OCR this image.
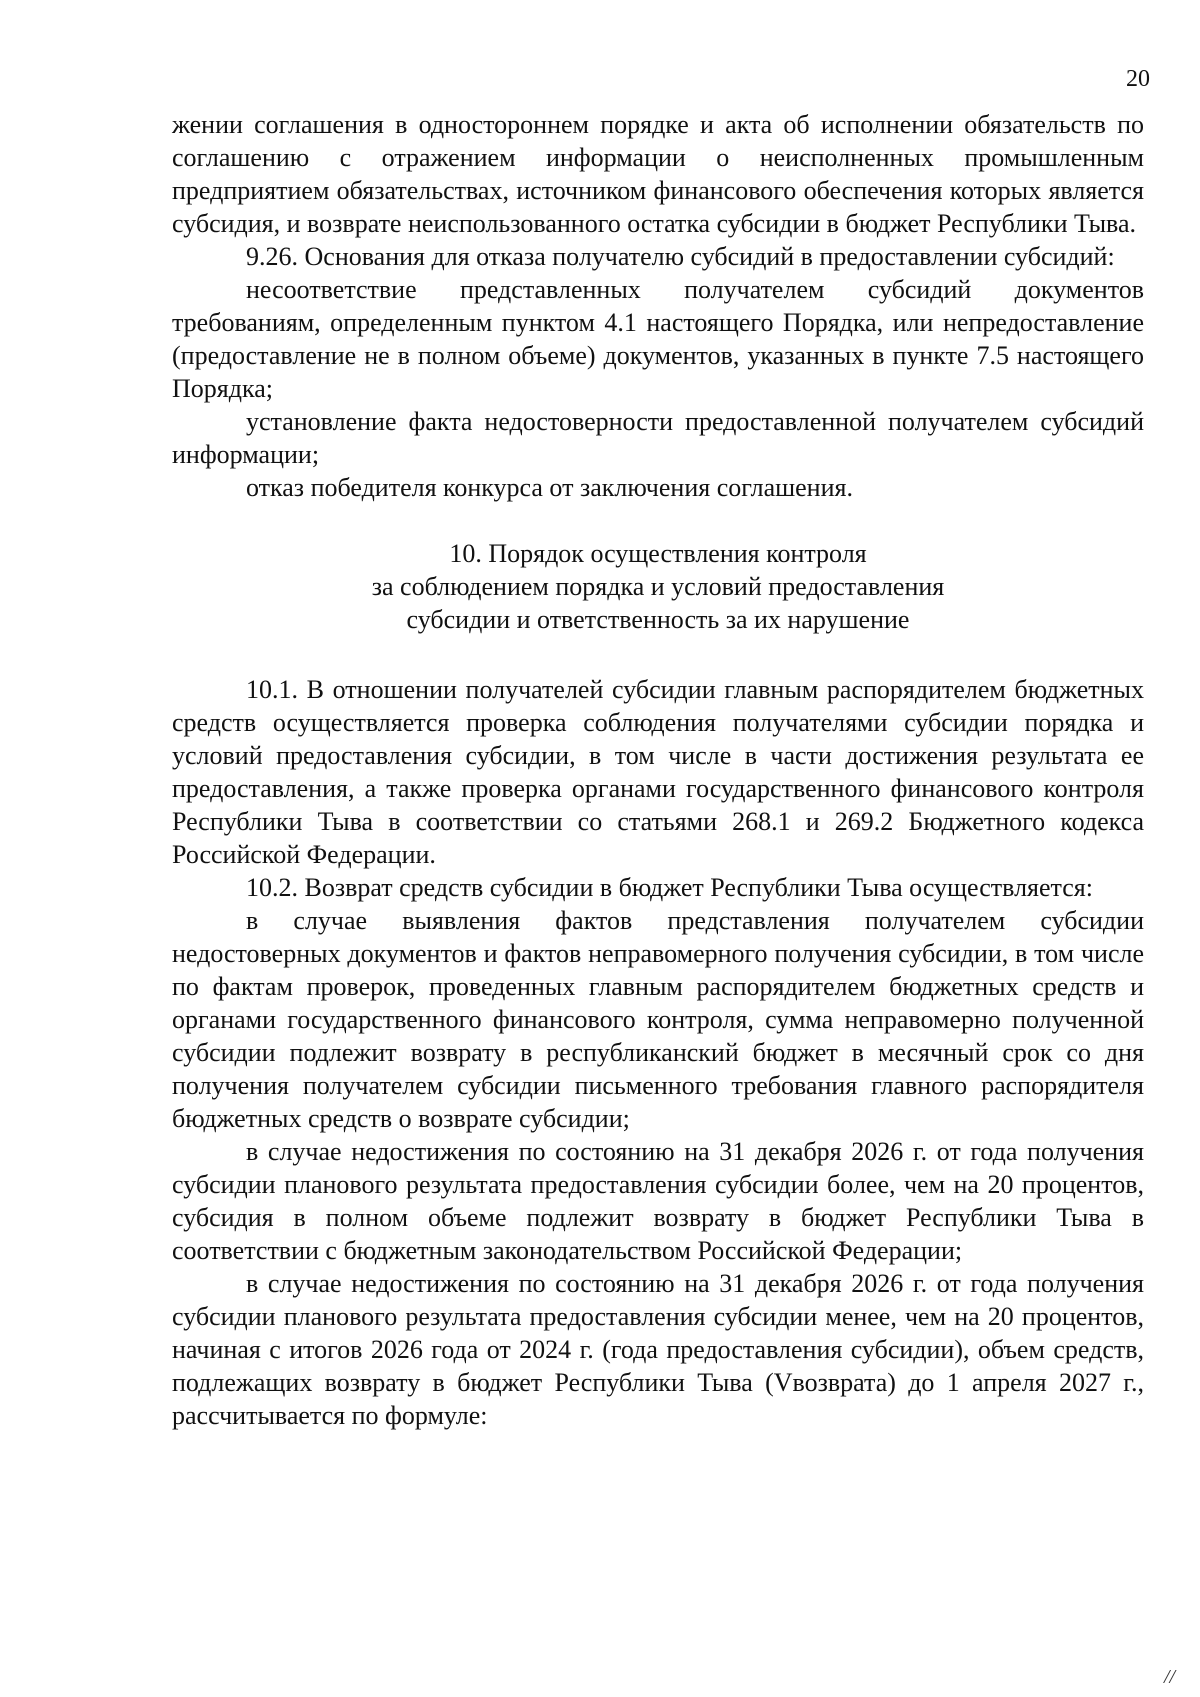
20

жении соглашения в одностороннем порядке и акта об исполнении обязательств по соглашению с отражением информации о неисполненных промышленным предприятием обязательствах, источником финансового обеспечения которых является субсидия, и возврате неиспользованного остатка субсидии в бюджет Республики Тыва.

9.26. Основания для отказа получателю субсидий в предоставлении субсидий:

несоответствие представленных получателем субсидий документов требованиям, определенным пунктом 4.1 настоящего Порядка, или непредоставление (предоставление не в полном объеме) документов, указанных в пункте 7.5 настоящего Порядка;

установление факта недостоверности предоставленной получателем субсидий информации;

отказ победителя конкурса от заключения соглашения.

10. Порядок осуществления контроля
за соблюдением порядка и условий предоставления
субсидии и ответственность за их нарушение

10.1. В отношении получателей субсидии главным распорядителем бюджетных средств осуществляется проверка соблюдения получателями субсидии порядка и условий предоставления субсидии, в том числе в части достижения результата ее предоставления, а также проверка органами государственного финансового контроля Республики Тыва в соответствии со статьями 268.1 и 269.2 Бюджетного кодекса Российской Федерации.

10.2. Возврат средств субсидии в бюджет Республики Тыва осуществляется:

в случае выявления фактов представления получателем субсидии недостоверных документов и фактов неправомерного получения субсидии, в том числе по фактам проверок, проведенных главным распорядителем бюджетных средств и органами государственного финансового контроля, сумма неправомерно полученной субсидии подлежит возврату в республиканский бюджет в месячный срок со дня получения получателем субсидии письменного требования главного распорядителя бюджетных средств о возврате субсидии;

в случае недостижения по состоянию на 31 декабря 2026 г. от года получения субсидии планового результата предоставления субсидии более, чем на 20 процентов, субсидия в полном объеме подлежит возврату в бюджет Республики Тыва в соответствии с бюджетным законодательством Российской Федерации;

в случае недостижения по состоянию на 31 декабря 2026 г. от года получения субсидии планового результата предоставления субсидии менее, чем на 20 процентов, начиная с итогов 2026 года от 2024 г. (года предоставления субсидии), объем средств, подлежащих возврату в бюджет Республики Тыва (Vвозврата) до 1 апреля 2027 г., рассчитывается по формуле:

//
